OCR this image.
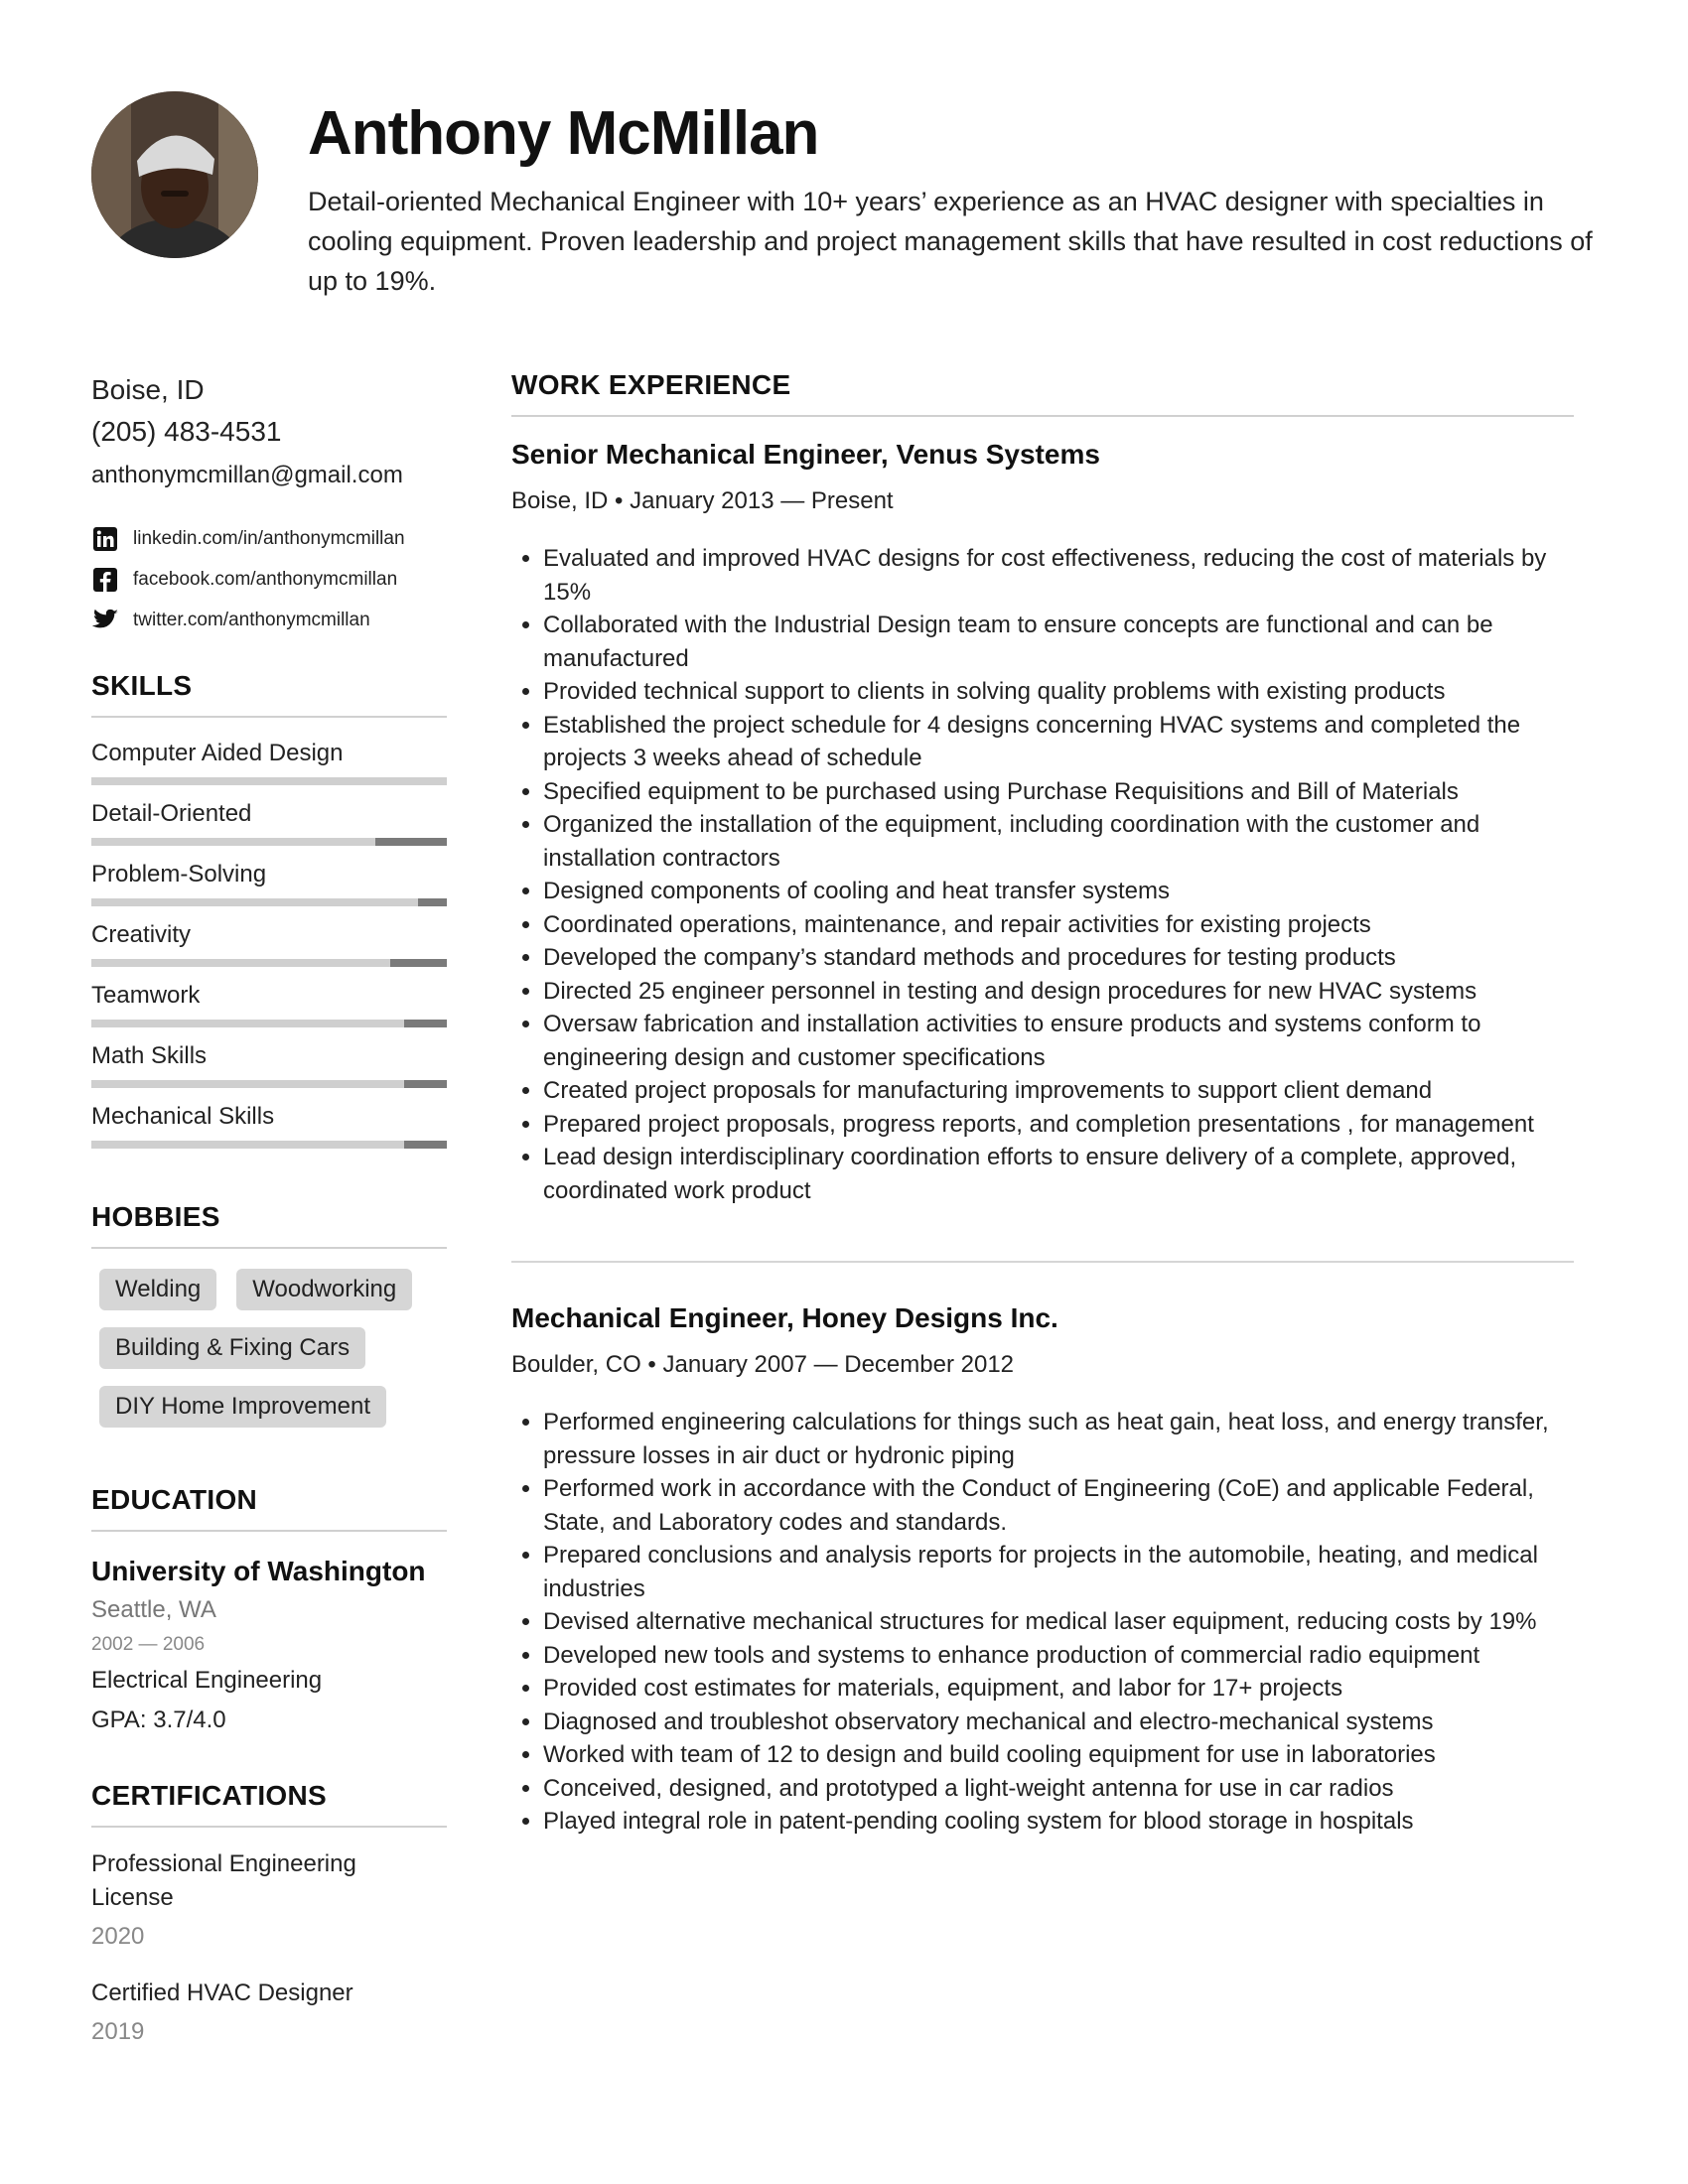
Anthony McMillan
Detail-oriented Mechanical Engineer with 10+ years’ experience as an HVAC designer with specialties in cooling equipment. Proven leadership and project management skills that have resulted in cost reductions of up to 19%.
Boise, ID
(205) 483-4531
anthonymcmillan@gmail.com
linkedin.com/in/anthonymcmillan
facebook.com/anthonymcmillan
twitter.com/anthonymcmillan
SKILLS
Computer Aided Design
Detail-Oriented
Problem-Solving
Creativity
Teamwork
Math Skills
Mechanical Skills
HOBBIES
Welding	Woodworking
Building & Fixing Cars
DIY Home Improvement
EDUCATION
University of Washington
Seattle, WA
2002 — 2006
Electrical Engineering
GPA: 3.7/4.0
CERTIFICATIONS
Professional Engineering License
2020
Certified HVAC Designer
2019
WORK EXPERIENCE
Senior Mechanical Engineer, Venus Systems
Boise, ID • January 2013 — Present
• Evaluated and improved HVAC designs for cost effectiveness, reducing the cost of materials by 15%
• Collaborated with the Industrial Design team to ensure concepts are functional and can be manufactured
• Provided technical support to clients in solving quality problems with existing products
• Established the project schedule for 4 designs concerning HVAC systems and completed the projects 3 weeks ahead of schedule
• Specified equipment to be purchased using Purchase Requisitions and Bill of Materials
• Organized the installation of the equipment, including coordination with the customer and installation contractors
• Designed components of cooling and heat transfer systems
• Coordinated operations, maintenance, and repair activities for existing projects
• Developed the company’s standard methods and procedures for testing products
• Directed 25 engineer personnel in testing and design procedures for new HVAC systems
• Oversaw fabrication and installation activities to ensure products and systems conform to engineering design and customer specifications
• Created project proposals for manufacturing improvements to support client demand
• Prepared project proposals, progress reports, and completion presentations , for management
• Lead design interdisciplinary coordination efforts to ensure delivery of a complete, approved, coordinated work product
Mechanical Engineer, Honey Designs Inc.
Boulder, CO • January 2007 — December 2012
• Performed engineering calculations for things such as heat gain, heat loss, and energy transfer, pressure losses in air duct or hydronic piping
• Performed work in accordance with the Conduct of Engineering (CoE) and applicable Federal, State, and Laboratory codes and standards.
• Prepared conclusions and analysis reports for projects in the automobile, heating, and medical industries
• Devised alternative mechanical structures for medical laser equipment, reducing costs by 19%
• Developed new tools and systems to enhance production of commercial radio equipment
• Provided cost estimates for materials, equipment, and labor for 17+ projects
• Diagnosed and troubleshot observatory mechanical and electro-mechanical systems
• Worked with team of 12 to design and build cooling equipment for use in laboratories
• Conceived, designed, and prototyped a light-weight antenna for use in car radios
• Played integral role in patent-pending cooling system for blood storage in hospitals
